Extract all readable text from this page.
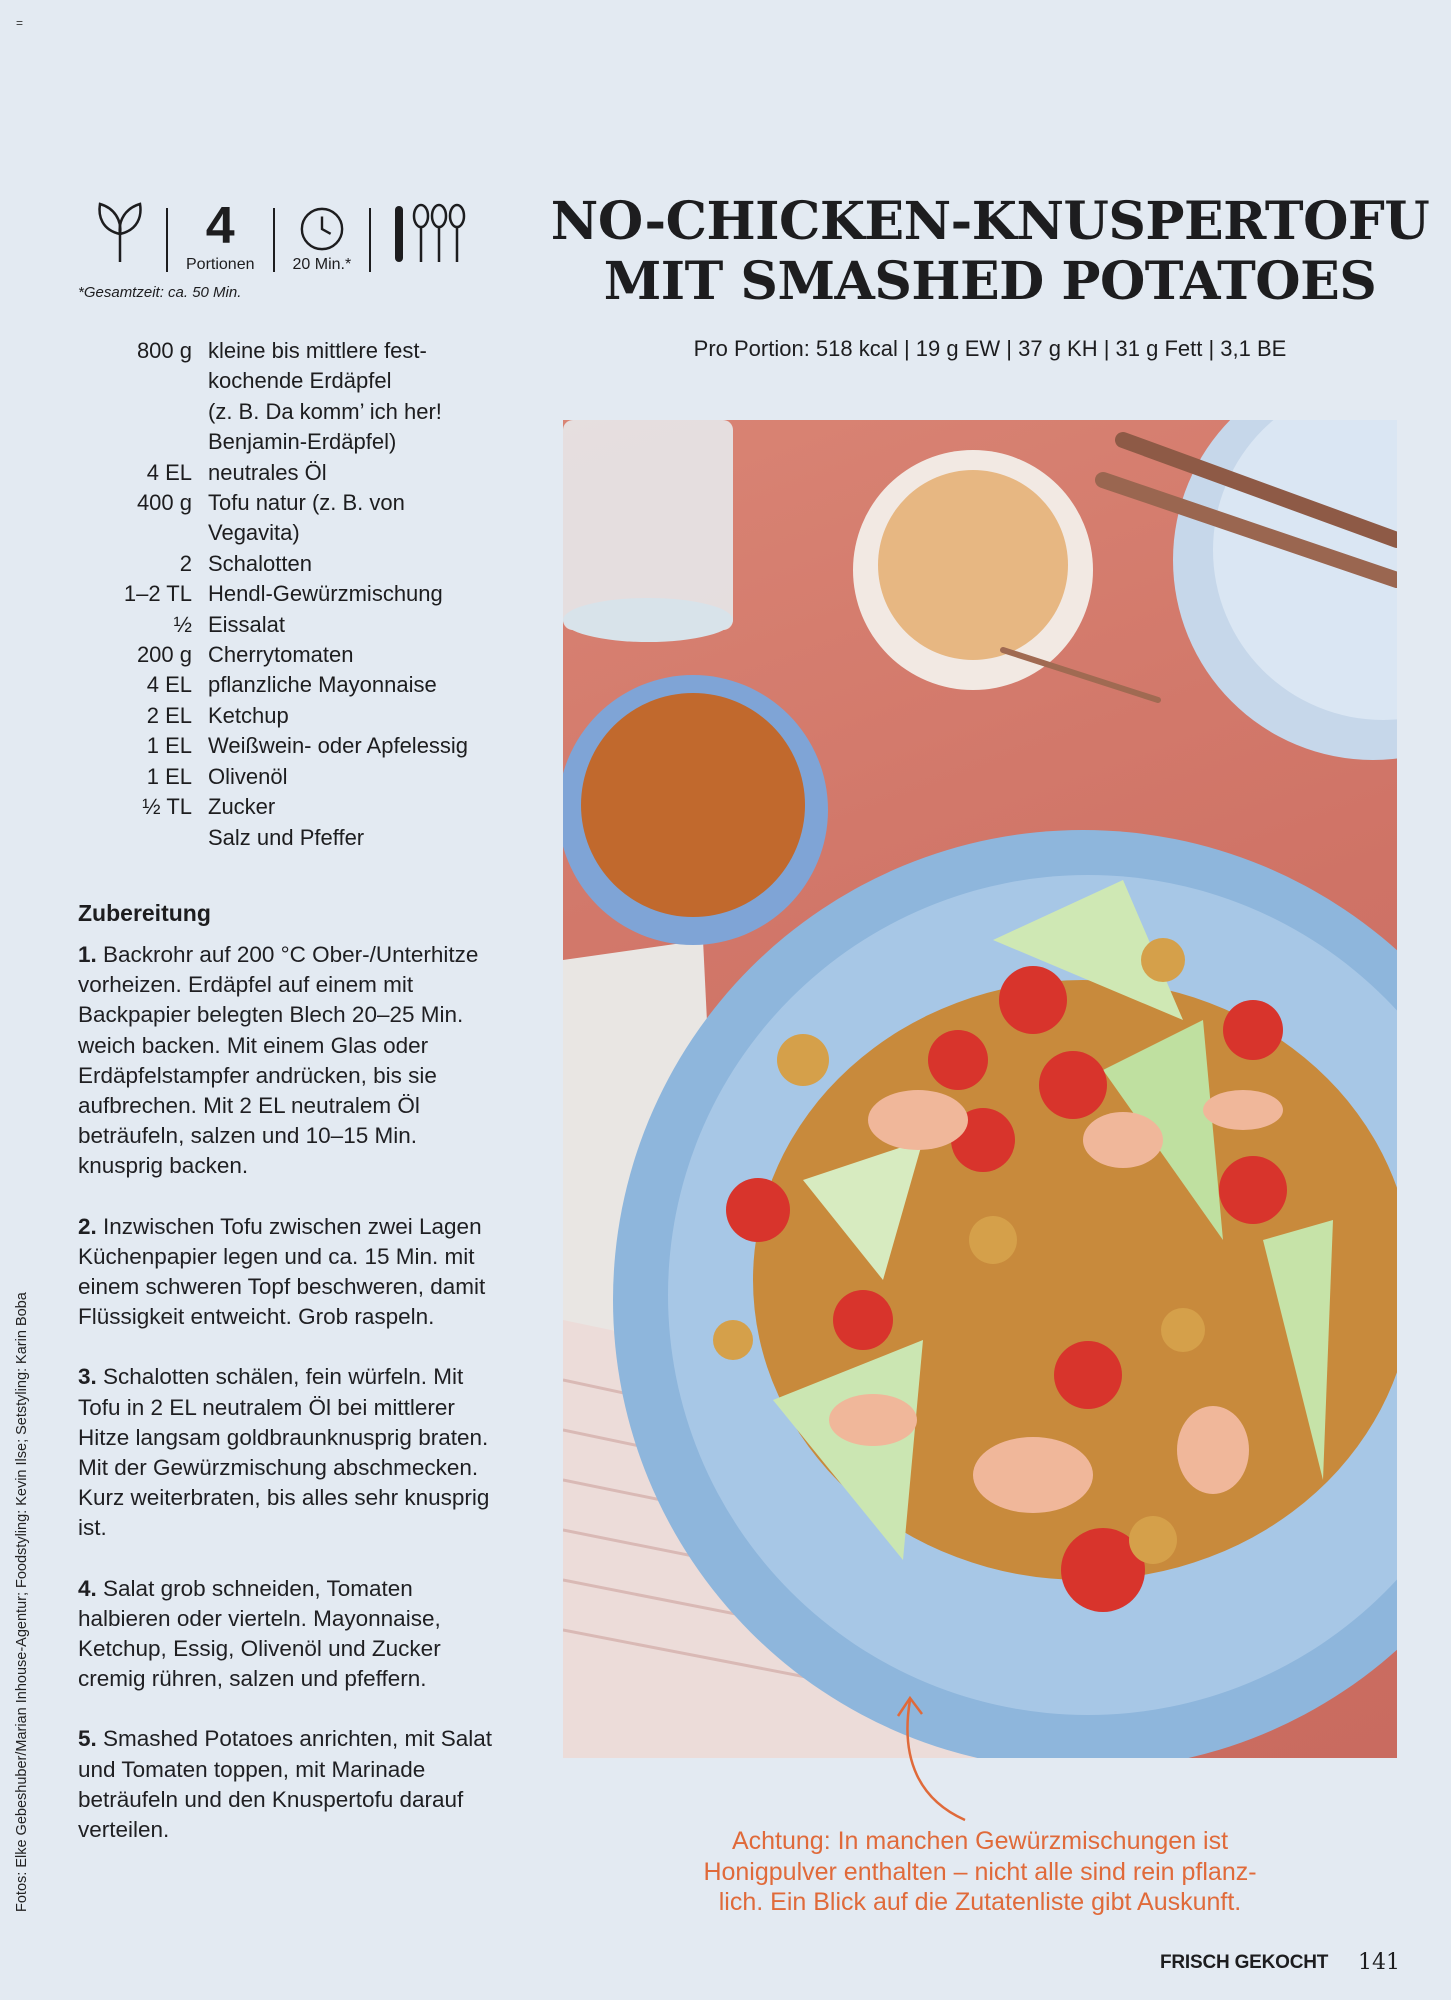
=
4
Portionen 20 Min.*
*Gesamtzeit: ca. 50 Min.
NO-CHICKEN-KNUSPERTOFU
MIT SMASHED POTATOES
Pro Portion: 518 kcal | 19 g EW | 37 g KH | 31 g Fett | 3,1 BE
800 g kleine bis mittlere fest-
kochende Erdäpfel
(z. B. Da komm’ ich her!
Benjamin-Erdäpfel)
4 EL neutrales Öl
400 g Tofu natur (z. B. von
Vegavita)
2 Schalotten
1–2 TL Hendl-Gewürzmischung
½ Eissalat
200 g Cherrytomaten
4 EL pflanzliche Mayonnaise
2 EL Ketchup
1 EL Weißwein- oder Apfelessig
1 EL Olivenöl
½ TL Zucker
Salz und Pfeffer
Zubereitung
1. Backrohr auf 200 °C Ober-/Unterhitze vorheizen. Erdäpfel auf einem mit Backpapier belegten Blech 20–25 Min. weich backen. Mit einem Glas oder Erdäpfelstampfer andrücken, bis sie aufbrechen. Mit 2 EL neutralem Öl beträufeln, salzen und 10–15 Min. knusprig backen.
2. Inzwischen Tofu zwischen zwei Lagen Küchenpapier legen und ca. 15 Min. mit einem schweren Topf beschweren, damit Flüssigkeit entweicht. Grob raspeln.
3. Schalotten schälen, fein würfeln. Mit Tofu in 2 EL neutralem Öl bei mittlerer Hitze langsam goldbraunknusprig braten. Mit der Gewürzmischung abschmecken. Kurz weiterbraten, bis alles sehr knusprig ist.
4. Salat grob schneiden, Tomaten halbieren oder vierteln. Mayonnaise, Ketchup, Essig, Olivenöl und Zucker cremig rühren, salzen und pfeffern.
5. Smashed Potatoes anrichten, mit Salat und Tomaten toppen, mit Marinade beträufeln und den Knuspertofu darauf verteilen.
Fotos: Elke Gebeshuber/Marian Inhouse-Agentur; Foodstyling: Kevin Ilse; Setstyling: Karin Boba	Achtung: In manchen Gewürzmischungen ist
Honigpulver enthalten – nicht alle sind rein pflanz-
lich. Ein Blick auf die Zutatenliste gibt Auskunft.
FRISCH GEKOCHT 141
